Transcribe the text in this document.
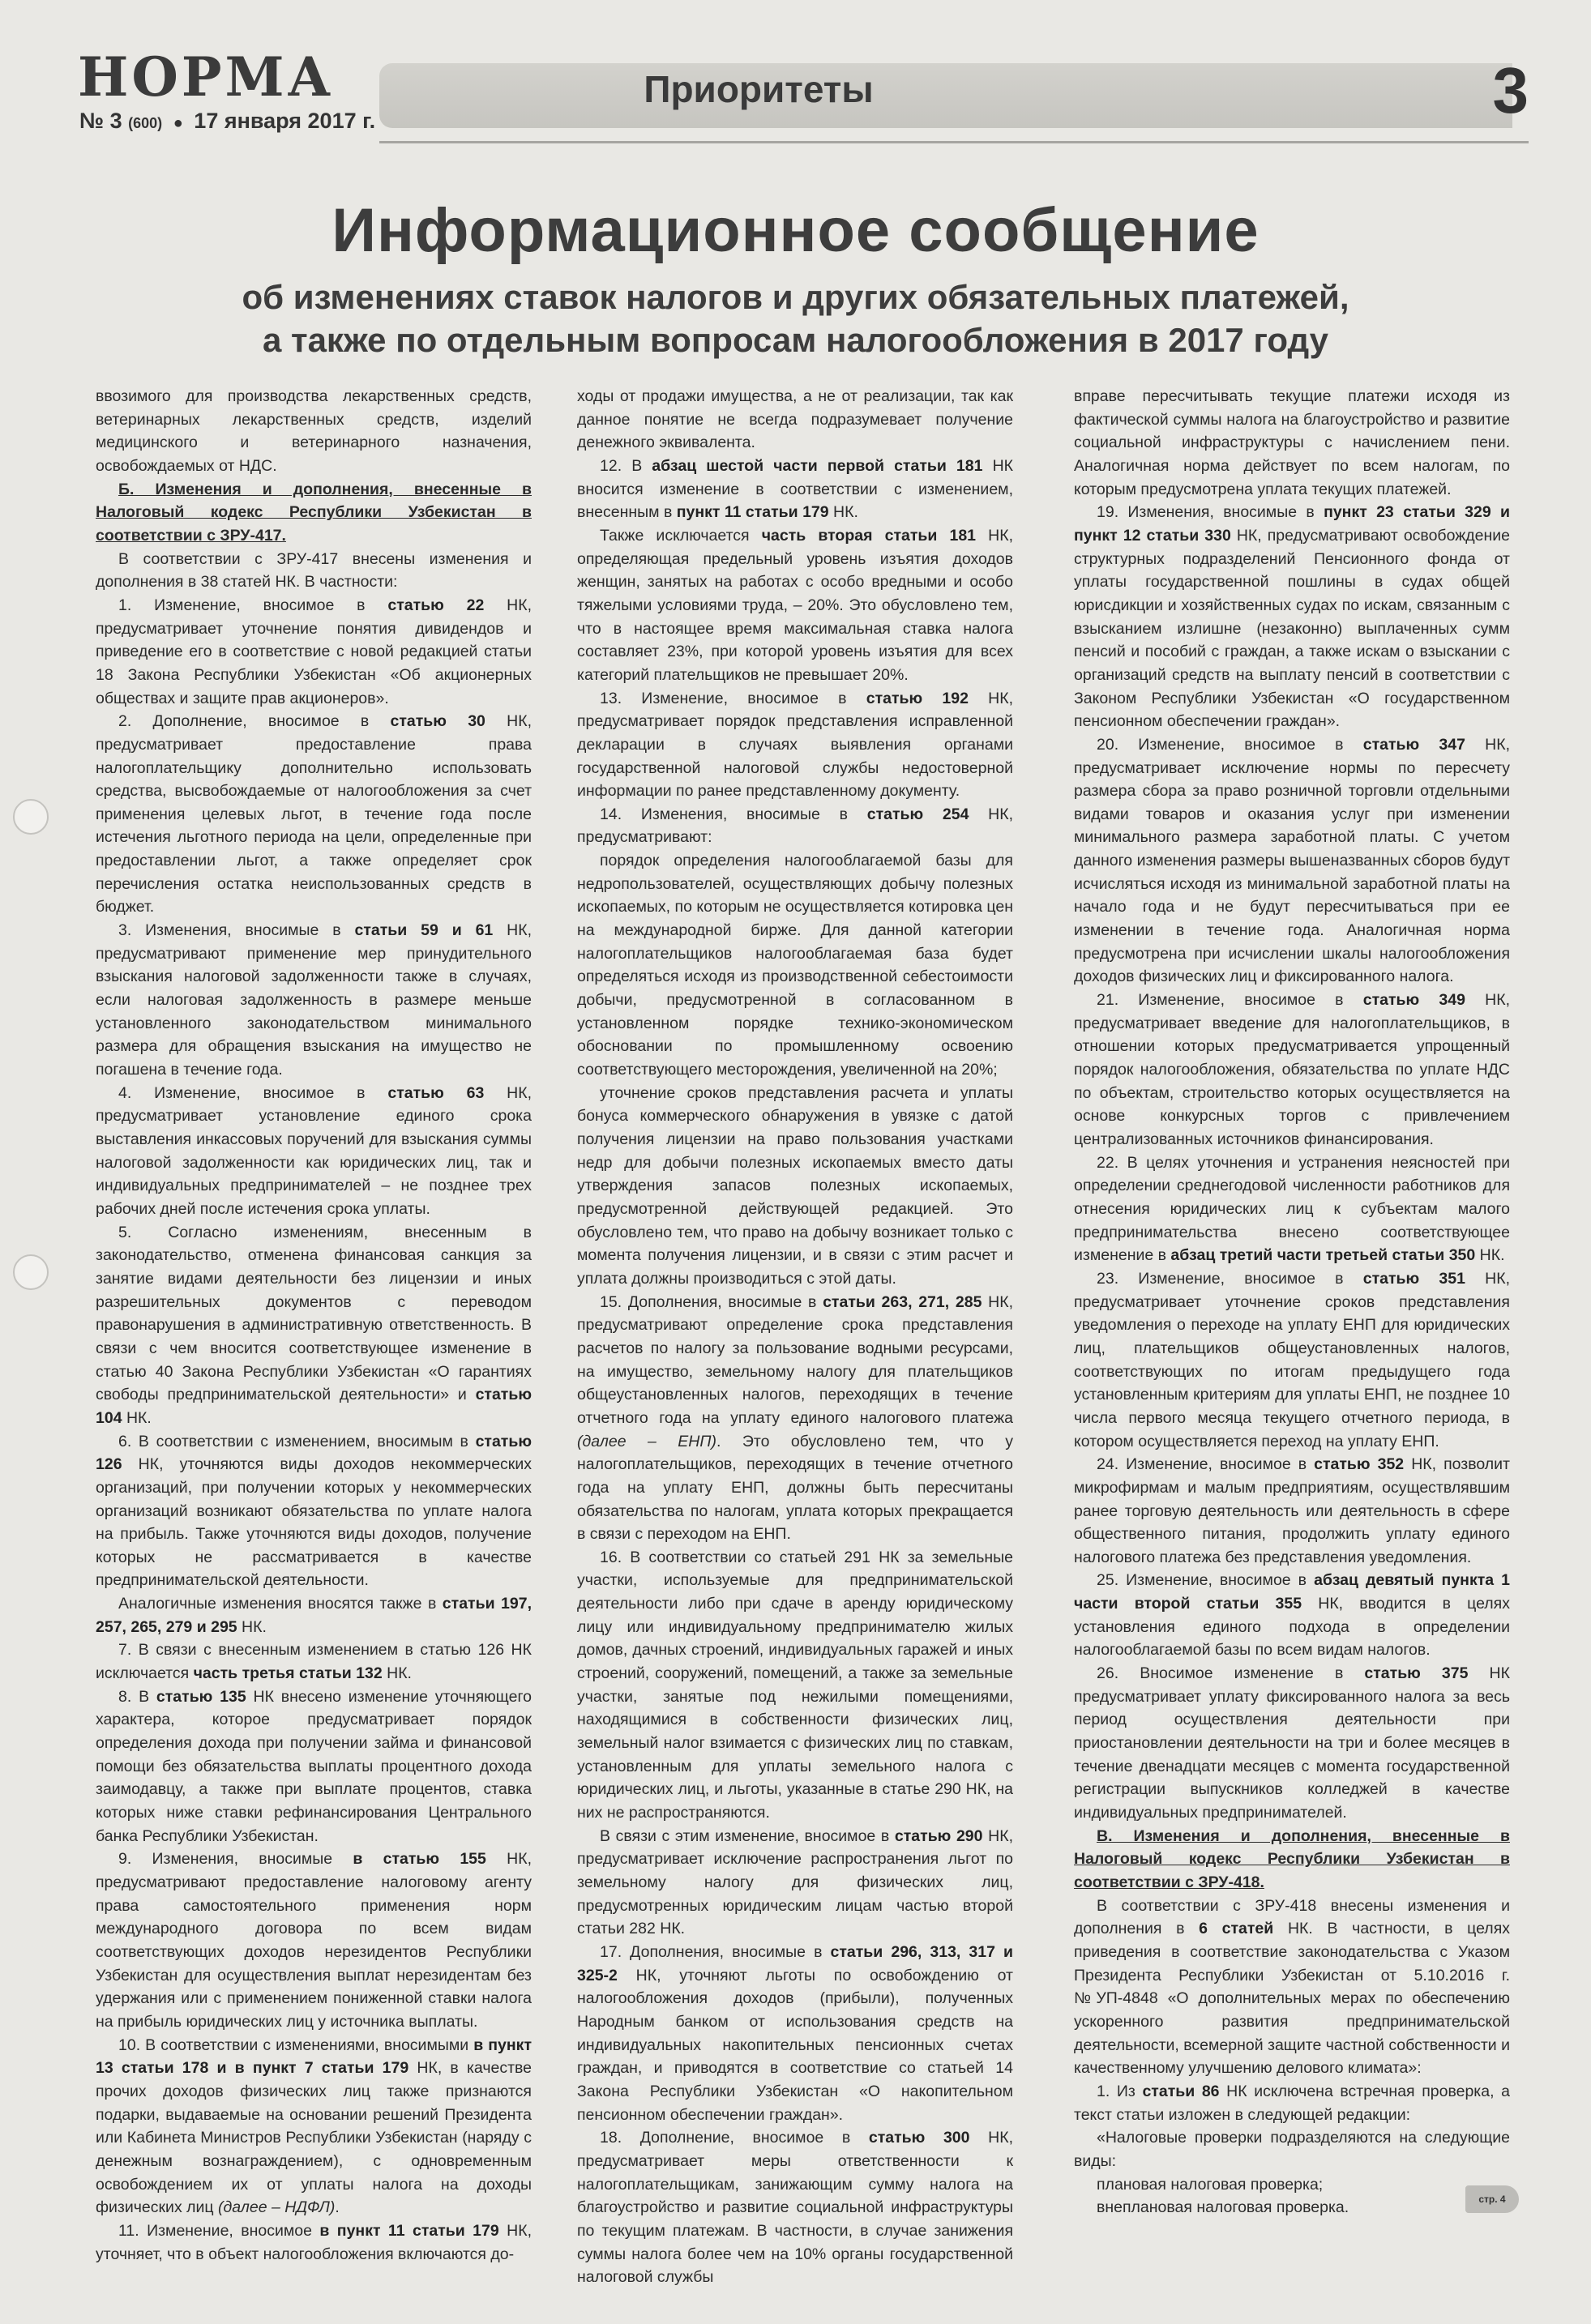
НОРМА
№ 3 (600) ● 17 января 2017 г.
Приоритеты	3
Информационное сообщение
об изменениях ставок налогов и других обязательных платежей,
а также по отдельным вопросам налогообложения в 2017 году

ввозимого для производства лекарственных средств, ветеринарных лекарственных средств, изделий медицинского и ветеринарного назначения, освобождаемых от НДС.

Б. Изменения и дополнения, внесенные в Налоговый кодекс Республики Узбекистан в соответствии с ЗРУ-417.

В соответствии с ЗРУ-417 внесены изменения и дополнения в 38 статей НК. В частности:

1. Изменение, вносимое в статью 22 НК, предусматривает уточнение понятия дивидендов и приведение его в соответствие с новой редакцией статьи 18 Закона Республики Узбекистан «Об акционерных обществах и защите прав акционеров».

2. Дополнение, вносимое в статью 30 НК, предусматривает предоставление права налогоплательщику дополнительно использовать средства, высвобождаемые от налогообложения за счет применения целевых льгот, в течение года после истечения льготного периода на цели, определенные при предоставлении льгот, а также определяет срок перечисления остатка неиспользованных средств в бюджет.

3. Изменения, вносимые в статьи 59 и 61 НК, предусматривают применение мер принудительного взыскания налоговой задолженности также в случаях, если налоговая задолженность в размере меньше установленного законодательством минимального размера для обращения взыскания на имущество не погашена в течение года.

4. Изменение, вносимое в статью 63 НК, предусматривает установление единого срока выставления инкассовых поручений для взыскания суммы налоговой задолженности как юридических лиц, так и индивидуальных предпринимателей – не позднее трех рабочих дней после истечения срока уплаты.

5. Согласно изменениям, внесенным в законодательство, отменена финансовая санкция за занятие видами деятельности без лицензии и иных разрешительных документов с переводом правонарушения в административную ответственность. В связи с чем вносится соответствующее изменение в статью 40 Закона Республики Узбекистан «О гарантиях свободы предпринимательской деятельности» и статью 104 НК.

6. В соответствии с изменением, вносимым в статью 126 НК, уточняются виды доходов некоммерческих организаций, при получении которых у некоммерческих организаций возникают обязательства по уплате налога на прибыль. Также уточняются виды доходов, получение которых не рассматривается в качестве предпринимательской деятельности.

Аналогичные изменения вносятся также в статьи 197, 257, 265, 279 и 295 НК.

7. В связи с внесенным изменением в статью 126 НК исключается часть третья статьи 132 НК.

8. В статью 135 НК внесено изменение уточняющего характера, которое предусматривает порядок определения дохода при получении займа и финансовой помощи без обязательства выплаты процентного дохода заимодавцу, а также при выплате процентов, ставка которых ниже ставки рефинансирования Центрального банка Республики Узбекистан.

9. Изменения, вносимые в статью 155 НК, предусматривают предоставление налоговому агенту права самостоятельного применения норм международного договора по всем видам соответствующих доходов нерезидентов Республики Узбекистан для осуществления выплат нерезидентам без удержания или с применением пониженной ставки налога на прибыль юридических лиц у источника выплаты.

10. В соответствии с изменениями, вносимыми в пункт 13 статьи 178 и в пункт 7 статьи 179 НК, в качестве прочих доходов физических лиц также признаются подарки, выдаваемые на основании решений Президента или Кабинета Министров Республики Узбекистан (наряду с денежным вознаграждением), с одновременным освобождением их от уплаты налога на доходы физических лиц (далее – НДФЛ).

11. Изменение, вносимое в пункт 11 статьи 179 НК, уточняет, что в объект налогообложения включаются до-

ходы от продажи имущества, а не от реализации, так как данное понятие не всегда подразумевает получение денежного эквивалента.

12. В абзац шестой части первой статьи 181 НК вносится изменение в соответствии с изменением, внесенным в пункт 11 статьи 179 НК.

Также исключается часть вторая статьи 181 НК, определяющая предельный уровень изъятия доходов женщин, занятых на работах с особо вредными и особо тяжелыми условиями труда, – 20%. Это обусловлено тем, что в настоящее время максимальная ставка налога составляет 23%, при которой уровень изъятия для всех категорий плательщиков не превышает 20%.

13. Изменение, вносимое в статью 192 НК, предусматривает порядок представления исправленной декларации в случаях выявления органами государственной налоговой службы недостоверной информации по ранее представленному документу.

14. Изменения, вносимые в статью 254 НК, предусматривают:

порядок определения налогооблагаемой базы для недропользователей, осуществляющих добычу полезных ископаемых, по которым не осуществляется котировка цен на международной бирже. Для данной категории налогоплательщиков налогооблагаемая база будет определяться исходя из производственной себестоимости добычи, предусмотренной в согласованном в установленном порядке технико-экономическом обосновании по промышленному освоению соответствующего месторождения, увеличенной на 20%;

уточнение сроков представления расчета и уплаты бонуса коммерческого обнаружения в увязке с датой получения лицензии на право пользования участками недр для добычи полезных ископаемых вместо даты утверждения запасов полезных ископаемых, предусмотренной действующей редакцией. Это обусловлено тем, что право на добычу возникает только с момента получения лицензии, и в связи с этим расчет и уплата должны производиться с этой даты.

15. Дополнения, вносимые в статьи 263, 271, 285 НК, предусматривают определение срока представления расчетов по налогу за пользование водными ресурсами, на имущество, земельному налогу для плательщиков общеустановленных налогов, переходящих в течение отчетного года на уплату единого налогового платежа (далее – ЕНП). Это обусловлено тем, что у налогоплательщиков, переходящих в течение отчетного года на уплату ЕНП, должны быть пересчитаны обязательства по налогам, уплата которых прекращается в связи с переходом на ЕНП.

16. В соответствии со статьей 291 НК за земельные участки, используемые для предпринимательской деятельности либо при сдаче в аренду юридическому лицу или индивидуальному предпринимателю жилых домов, дачных строений, индивидуальных гаражей и иных строений, сооружений, помещений, а также за земельные участки, занятые под нежилыми помещениями, находящимися в собственности физических лиц, земельный налог взимается с физических лиц по ставкам, установленным для уплаты земельного налога с юридических лиц, и льготы, указанные в статье 290 НК, на них не распространяются.

В связи с этим изменение, вносимое в статью 290 НК, предусматривает исключение распространения льгот по земельному налогу для физических лиц, предусмотренных юридическим лицам частью второй статьи 282 НК.

17. Дополнения, вносимые в статьи 296, 313, 317 и 325-2 НК, уточняют льготы по освобождению от налогообложения доходов (прибыли), полученных Народным банком от использования средств на индивидуальных накопительных пенсионных счетах граждан, и приводятся в соответствие со статьей 14 Закона Республики Узбекистан «О накопительном пенсионном обеспечении граждан».

18. Дополнение, вносимое в статью 300 НК, предусматривает меры ответственности к налогоплательщикам, занижающим сумму налога на благоустройство и развитие социальной инфраструктуры по текущим платежам. В частности, в случае занижения суммы налога более чем на 10% органы государственной налоговой службы

вправе пересчитывать текущие платежи исходя из фактической суммы налога на благоустройство и развитие социальной инфраструктуры с начислением пени. Аналогичная норма действует по всем налогам, по которым предусмотрена уплата текущих платежей.

19. Изменения, вносимые в пункт 23 статьи 329 и пункт 12 статьи 330 НК, предусматривают освобождение структурных подразделений Пенсионного фонда от уплаты государственной пошлины в судах общей юрисдикции и хозяйственных судах по искам, связанным с взысканием излишне (незаконно) выплаченных сумм пенсий и пособий с граждан, а также искам о взыскании с организаций средств на выплату пенсий в соответствии с Законом Республики Узбекистан «О государственном пенсионном обеспечении граждан».

20. Изменение, вносимое в статью 347 НК, предусматривает исключение нормы по пересчету размера сбора за право розничной торговли отдельными видами товаров и оказания услуг при изменении минимального размера заработной платы. С учетом данного изменения размеры вышеназванных сборов будут исчисляться исходя из минимальной заработной платы на начало года и не будут пересчитываться при ее изменении в течение года. Аналогичная норма предусмотрена при исчислении шкалы налогообложения доходов физических лиц и фиксированного налога.

21. Изменение, вносимое в статью 349 НК, предусматривает введение для налогоплательщиков, в отношении которых предусматривается упрощенный порядок налогообложения, обязательства по уплате НДС по объектам, строительство которых осуществляется на основе конкурсных торгов с привлечением централизованных источников финансирования.

22. В целях уточнения и устранения неясностей при определении среднегодовой численности работников для отнесения юридических лиц к субъектам малого предпринимательства внесено соответствующее изменение в абзац третий части третьей статьи 350 НК.

23. Изменение, вносимое в статью 351 НК, предусматривает уточнение сроков представления уведомления о переходе на уплату ЕНП для юридических лиц, плательщиков общеустановленных налогов, соответствующих по итогам предыдущего года установленным критериям для уплаты ЕНП, не позднее 10 числа первого месяца текущего отчетного периода, в котором осуществляется переход на уплату ЕНП.

24. Изменение, вносимое в статью 352 НК, позволит микрофирмам и малым предприятиям, осуществлявшим ранее торговую деятельность или деятельность в сфере общественного питания, продолжить уплату единого налогового платежа без представления уведомления.

25. Изменение, вносимое в абзац девятый пункта 1 части второй статьи 355 НК, вводится в целях установления единого подхода в определении налогооблагаемой базы по всем видам налогов.

26. Вносимое изменение в статью 375 НК предусматривает уплату фиксированного налога за весь период осуществления деятельности при приостановлении деятельности на три и более месяцев в течение двенадцати месяцев с момента государственной регистрации выпускников колледжей в качестве индивидуальных предпринимателей.

В. Изменения и дополнения, внесенные в Налоговый кодекс Республики Узбекистан в соответствии с ЗРУ-418.

В соответствии с ЗРУ-418 внесены изменения и дополнения в 6 статей НК. В частности, в целях приведения в соответствие законодательства с Указом Президента Республики Узбекистан от 5.10.2016 г. №УП-4848 «О дополнительных мерах по обеспечению ускоренного развития предпринимательской деятельности, всемерной защите частной собственности и качественному улучшению делового климата»:

1. Из статьи 86 НК исключена встречная проверка, а текст статьи изложен в следующей редакции:

«Налоговые проверки подразделяются на следующие виды:

плановая налоговая проверка;

внеплановая налоговая проверка.	стр. 4
